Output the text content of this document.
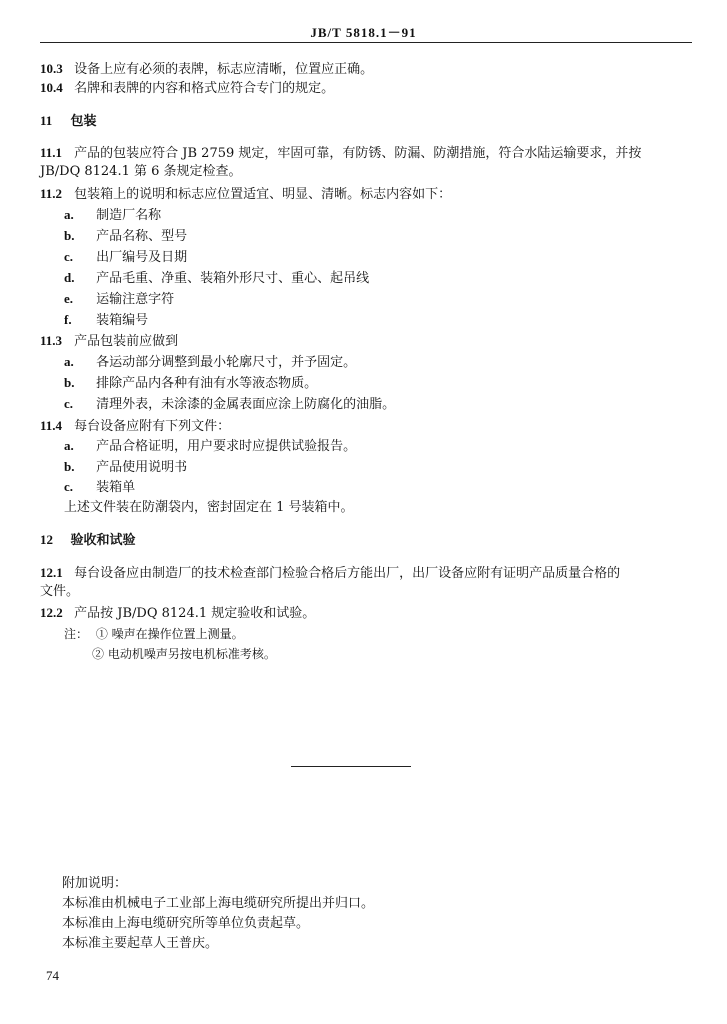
JB/T 5818.1－91
10.3 设备上应有必须的表牌，标志应清晰，位置应正确。
10.4 名牌和表牌的内容和格式应符合专门的规定。
11 包装
11.1 产品的包装应符合 JB 2759 规定，牢固可靠，有防锈、防漏、防潮措施，符合水陆运输要求，并按
JB/DQ 8124.1 第 6 条规定检查。
11.2 包装箱上的说明和标志应位置适宜、明显、清晰。标志内容如下：
a. 制造厂名称
b. 产品名称、型号
c. 出厂编号及日期
d. 产品毛重、净重、装箱外形尺寸、重心、起吊线
e. 运输注意字符
f. 装箱编号
11.3 产品包装前应做到
a. 各运动部分调整到最小轮廓尺寸，并予固定。
b. 排除产品内各种有油有水等液态物质。
c. 清理外表，未涂漆的金属表面应涂上防腐化的油脂。
11.4 每台设备应附有下列文件：
a. 产品合格证明，用户要求时应提供试验报告。
b. 产品使用说明书
c. 装箱单
上述文件装在防潮袋内，密封固定在 1 号装箱中。
12 验收和试验
12.1 每台设备应由制造厂的技术检查部门检验合格后方能出厂，出厂设备应附有证明产品质量合格的
文件。
12.2 产品按 JB/DQ 8124.1 规定验收和试验。
注： ① 噪声在操作位置上测量。
② 电动机噪声另按电机标准考核。
附加说明：
本标准由机械电子工业部上海电缆研究所提出并归口。
本标准由上海电缆研究所等单位负责起草。
本标准主要起草人王普庆。
74
